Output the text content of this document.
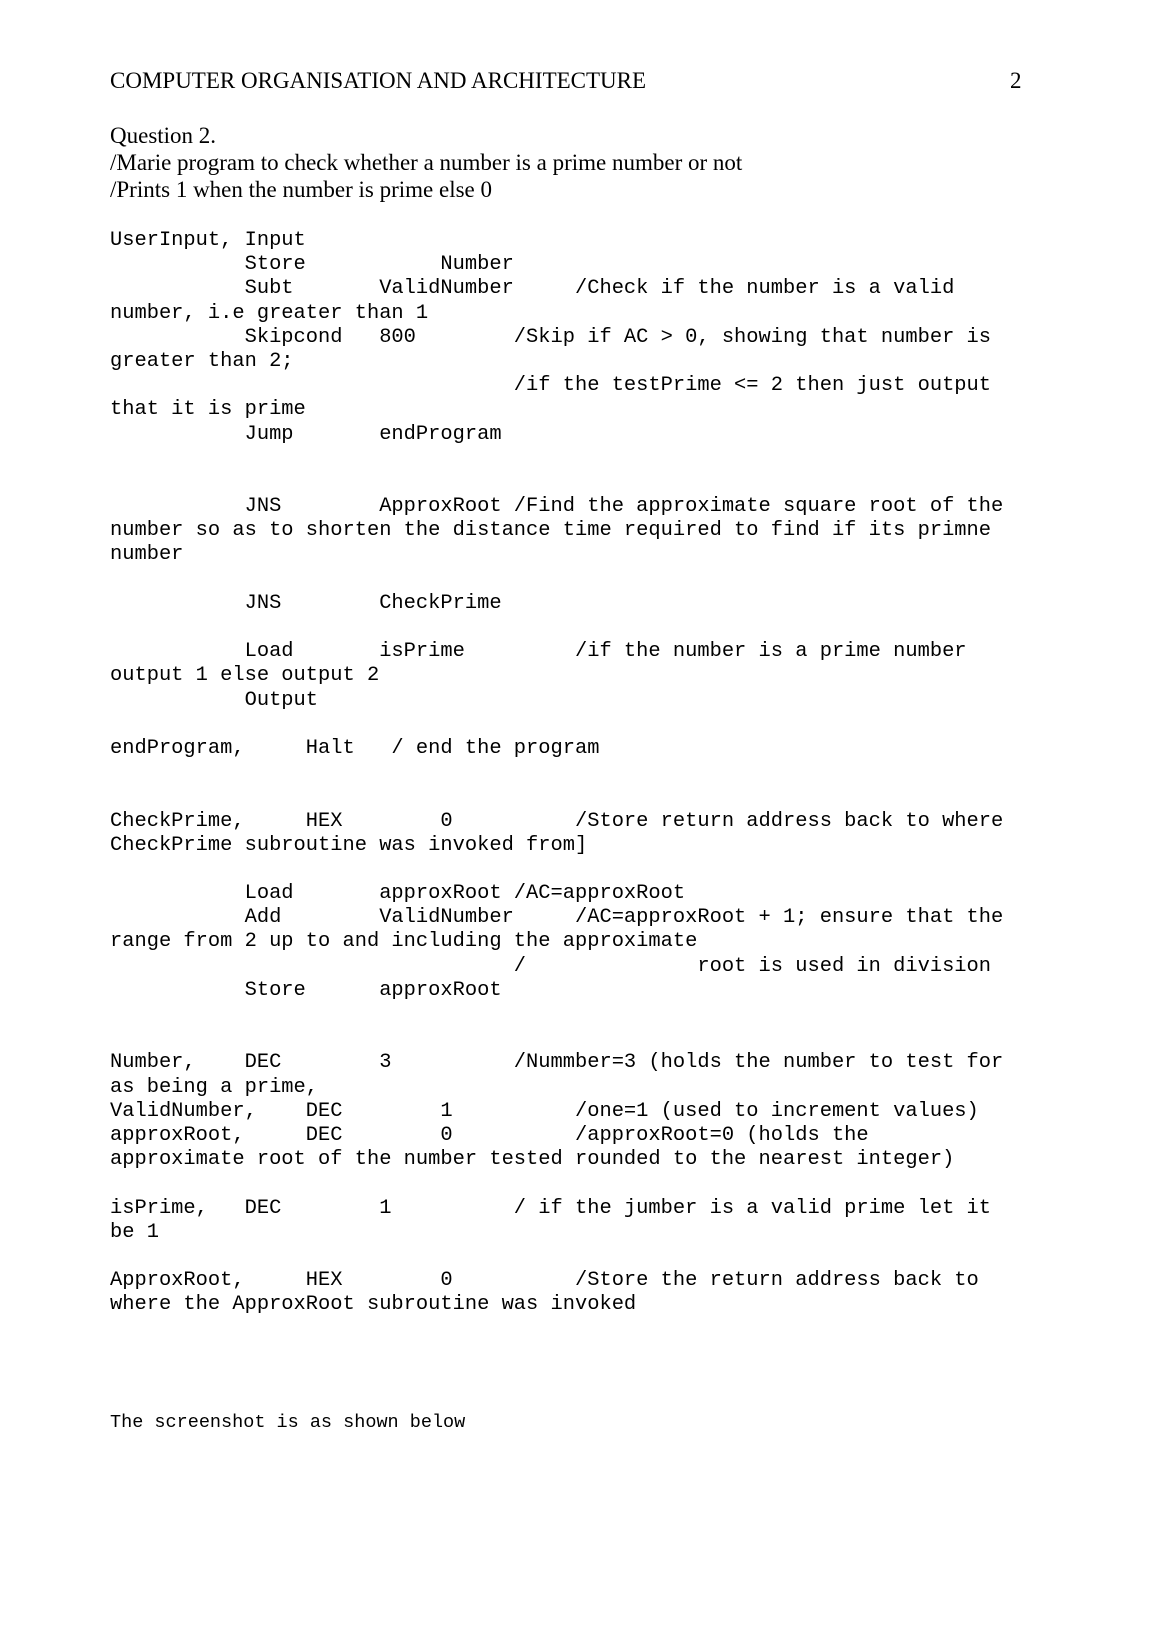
COMPUTER ORGANISATION AND ARCHITECTURE	2
Question 2.
/Marie program to check whether a number is a prime number or not
/Prints 1 when the number is prime else 0
UserInput, Input
Store           Number
Subt       ValidNumber     /Check if the number is a valid
number, i.e greater than 1
Skipcond   800        /Skip if AC > 0, showing that number is
greater than 2;
/if the testPrime <= 2 then just output
that it is prime
Jump       endProgram
JNS        ApproxRoot /Find the approximate square root of the
number so as to shorten the distance time required to find if its primne
number
JNS        CheckPrime
Load       isPrime         /if the number is a prime number
output 1 else output 2
Output
endProgram,     Halt   / end the program
CheckPrime,     HEX        0          /Store return address back to where
CheckPrime subroutine was invoked from]
Load       approxRoot /AC=approxRoot
Add        ValidNumber     /AC=approxRoot + 1; ensure that the
range from 2 up to and including the approximate
/              root is used in division
Store      approxRoot
Number,    DEC        3          /Nummber=3 (holds the number to test for
as being a prime,
ValidNumber,    DEC        1          /one=1 (used to increment values)
approxRoot,     DEC        0          /approxRoot=0 (holds the
approximate root of the number tested rounded to the nearest integer)
isPrime,   DEC        1          / if the jumber is a valid prime let it
be 1
ApproxRoot,     HEX        0          /Store the return address back to
where the ApproxRoot subroutine was invoked
The screenshot is as shown below
